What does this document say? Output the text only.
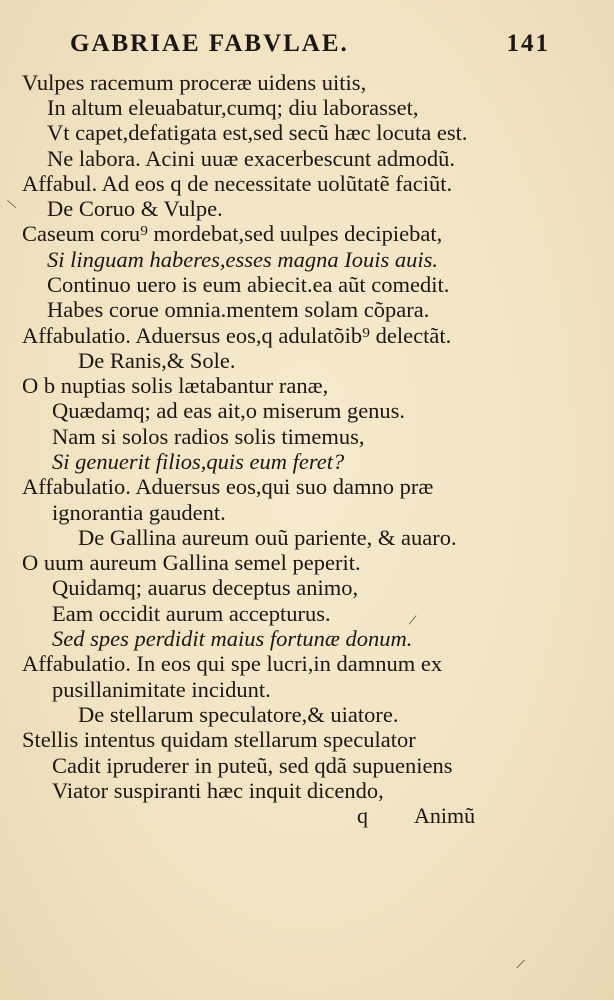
GABRIAE FABVLAE.	141
Vulpes racemum proceræ uidens uitis,
In altum eleuabatur,cumq; diu laborasset,
Vt capet,defatigata est,sed secũ hæc locuta est.
Ne labora. Acini uuæ exacerbescunt admodũ.
Affabul. Ad eos q de necessitate uolũtatẽ faciũt.
De Coruo & Vulpe.
Caseum coru⁹ mordebat,sed uulpes decipiebat,
Si linguam haberes,esses magna Iouis auis.
Continuo uero is eum abiecit.ea aũt comedit.
Habes corue omnia.mentem solam cõpara.
Affabulatio. Aduersus eos,q adulatõib⁹ delectãt.
De Ranis,& Sole.
O b nuptias solis lætabantur ranæ,
Quædamq; ad eas ait,o miserum genus.
Nam si solos radios solis timemus,
Si genuerit filios,quis eum feret?
Affabulatio. Aduersus eos,qui suo damno præ
ignorantia gaudent.
De Gallina aureum ouũ pariente, & auaro.
O uum aureum Gallina semel peperit.
Quidamq; auarus deceptus animo,
Eam occidit aurum accepturus.
Sed spes perdidit maius fortunæ donum.
Affabulatio. In eos qui spe lucri,in damnum ex
pusillanimitate incidunt.
De stellarum speculatore,& uiatore.
Stellis intentus quidam stellarum speculator
Cadit ipruderer in puteũ, sed qdã supueniens
Viator suspiranti hæc inquit dicendo,
q Animũ
\
/
/
